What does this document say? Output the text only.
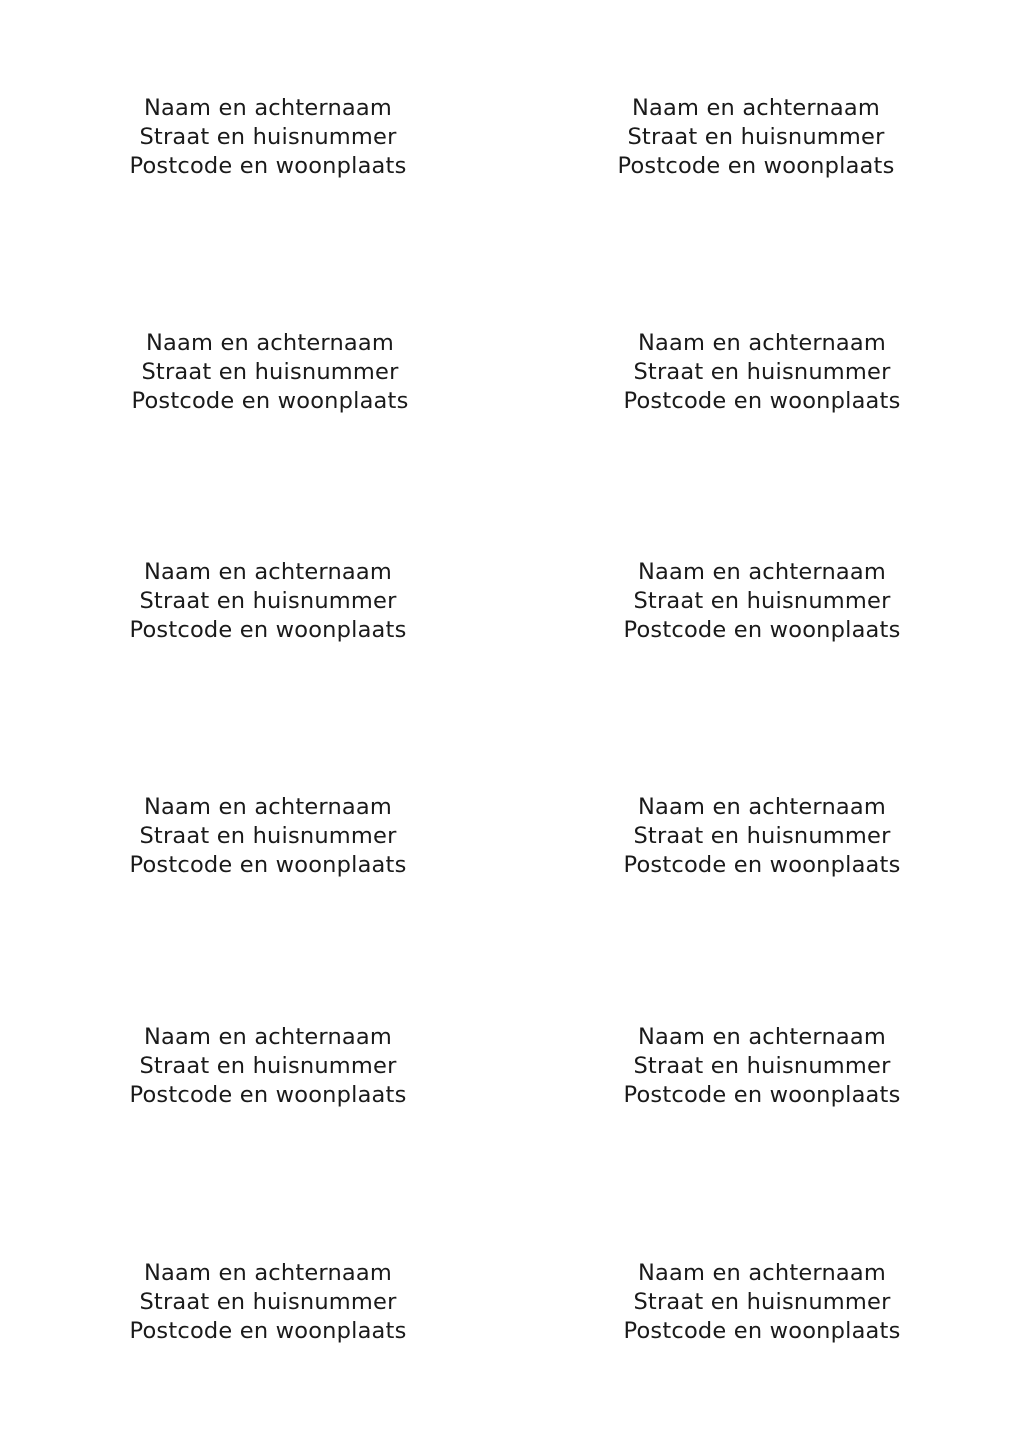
Naam en achternaam
Straat en huisnummer
Postcode en woonplaats
Naam en achternaam
Straat en huisnummer
Postcode en woonplaats
Naam en achternaam
Straat en huisnummer
Postcode en woonplaats
Naam en achternaam
Straat en huisnummer
Postcode en woonplaats
Naam en achternaam
Straat en huisnummer
Postcode en woonplaats
Naam en achternaam
Straat en huisnummer
Postcode en woonplaats
Naam en achternaam
Straat en huisnummer
Postcode en woonplaats
Naam en achternaam
Straat en huisnummer
Postcode en woonplaats
Naam en achternaam
Straat en huisnummer
Postcode en woonplaats
Naam en achternaam
Straat en huisnummer
Postcode en woonplaats
Naam en achternaam
Straat en huisnummer
Postcode en woonplaats
Naam en achternaam
Straat en huisnummer
Postcode en woonplaats
